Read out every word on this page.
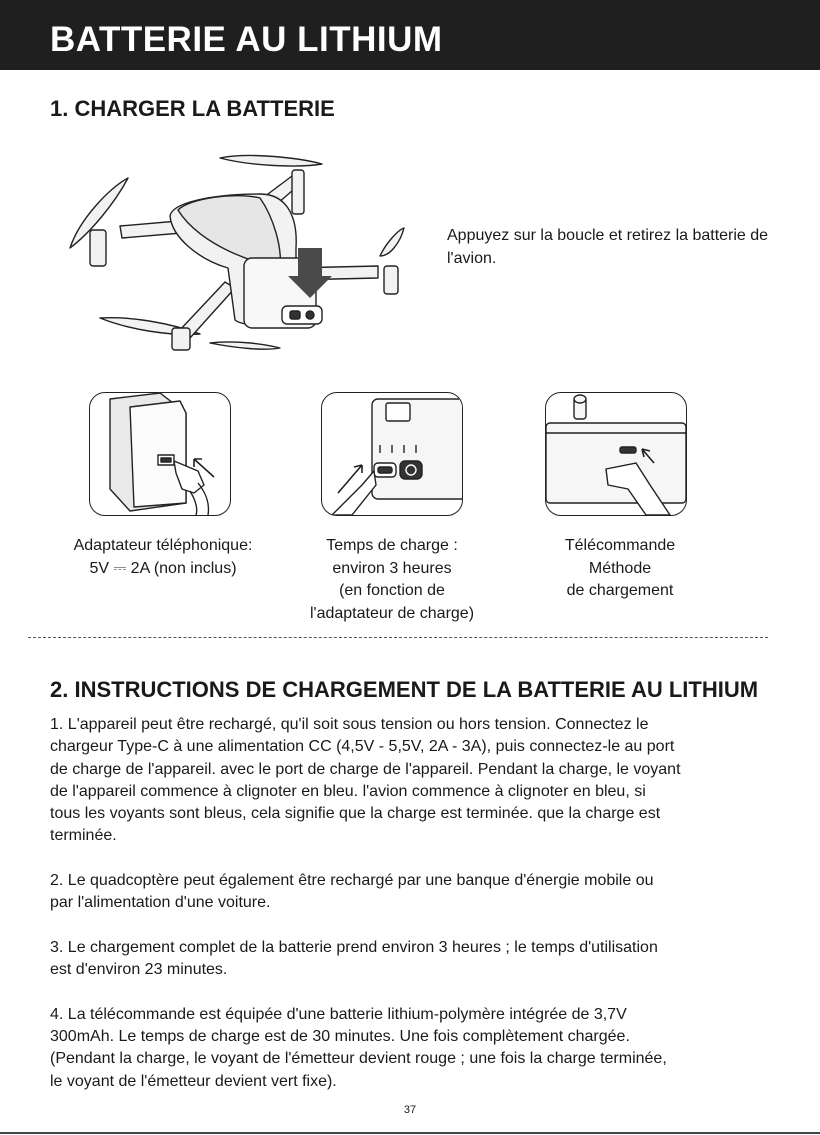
BATTERIE AU LITHIUM
1. CHARGER LA BATTERIE
Appuyez sur la boucle et retirez la batterie de l'avion.
Adaptateur téléphonique:
5V ⎓ 2A (non inclus)
Temps de charge :
environ 3 heures
(en fonction de
l'adaptateur de charge)
Télécommande
Méthode
de chargement
2. INSTRUCTIONS DE CHARGEMENT DE LA BATTERIE AU LITHIUM

1. L'appareil peut être rechargé, qu'il soit sous tension ou hors tension. Connectez le
chargeur Type-C à une alimentation CC (4,5V - 5,5V, 2A - 3A), puis connectez-le au port
de charge de l'appareil. avec le port de charge de l'appareil. Pendant la charge, le voyant
de l'appareil commence à clignoter en bleu. l'avion commence à clignoter en bleu, si
tous les voyants sont bleus, cela signifie que la charge est terminée. que la charge est
terminée.

2. Le quadcoptère peut également être rechargé par une banque d'énergie mobile ou
par l'alimentation d'une voiture.

3. Le chargement complet de la batterie prend environ 3 heures ; le temps d'utilisation
est d'environ 23 minutes.

4. La télécommande est équipée d'une batterie lithium-polymère intégrée de 3,7V
300mAh. Le temps de charge est de 30 minutes. Une fois complètement chargée.
(Pendant la charge, le voyant de l'émetteur devient rouge ; une fois la charge terminée,
le voyant de l'émetteur devient vert fixe).

37
